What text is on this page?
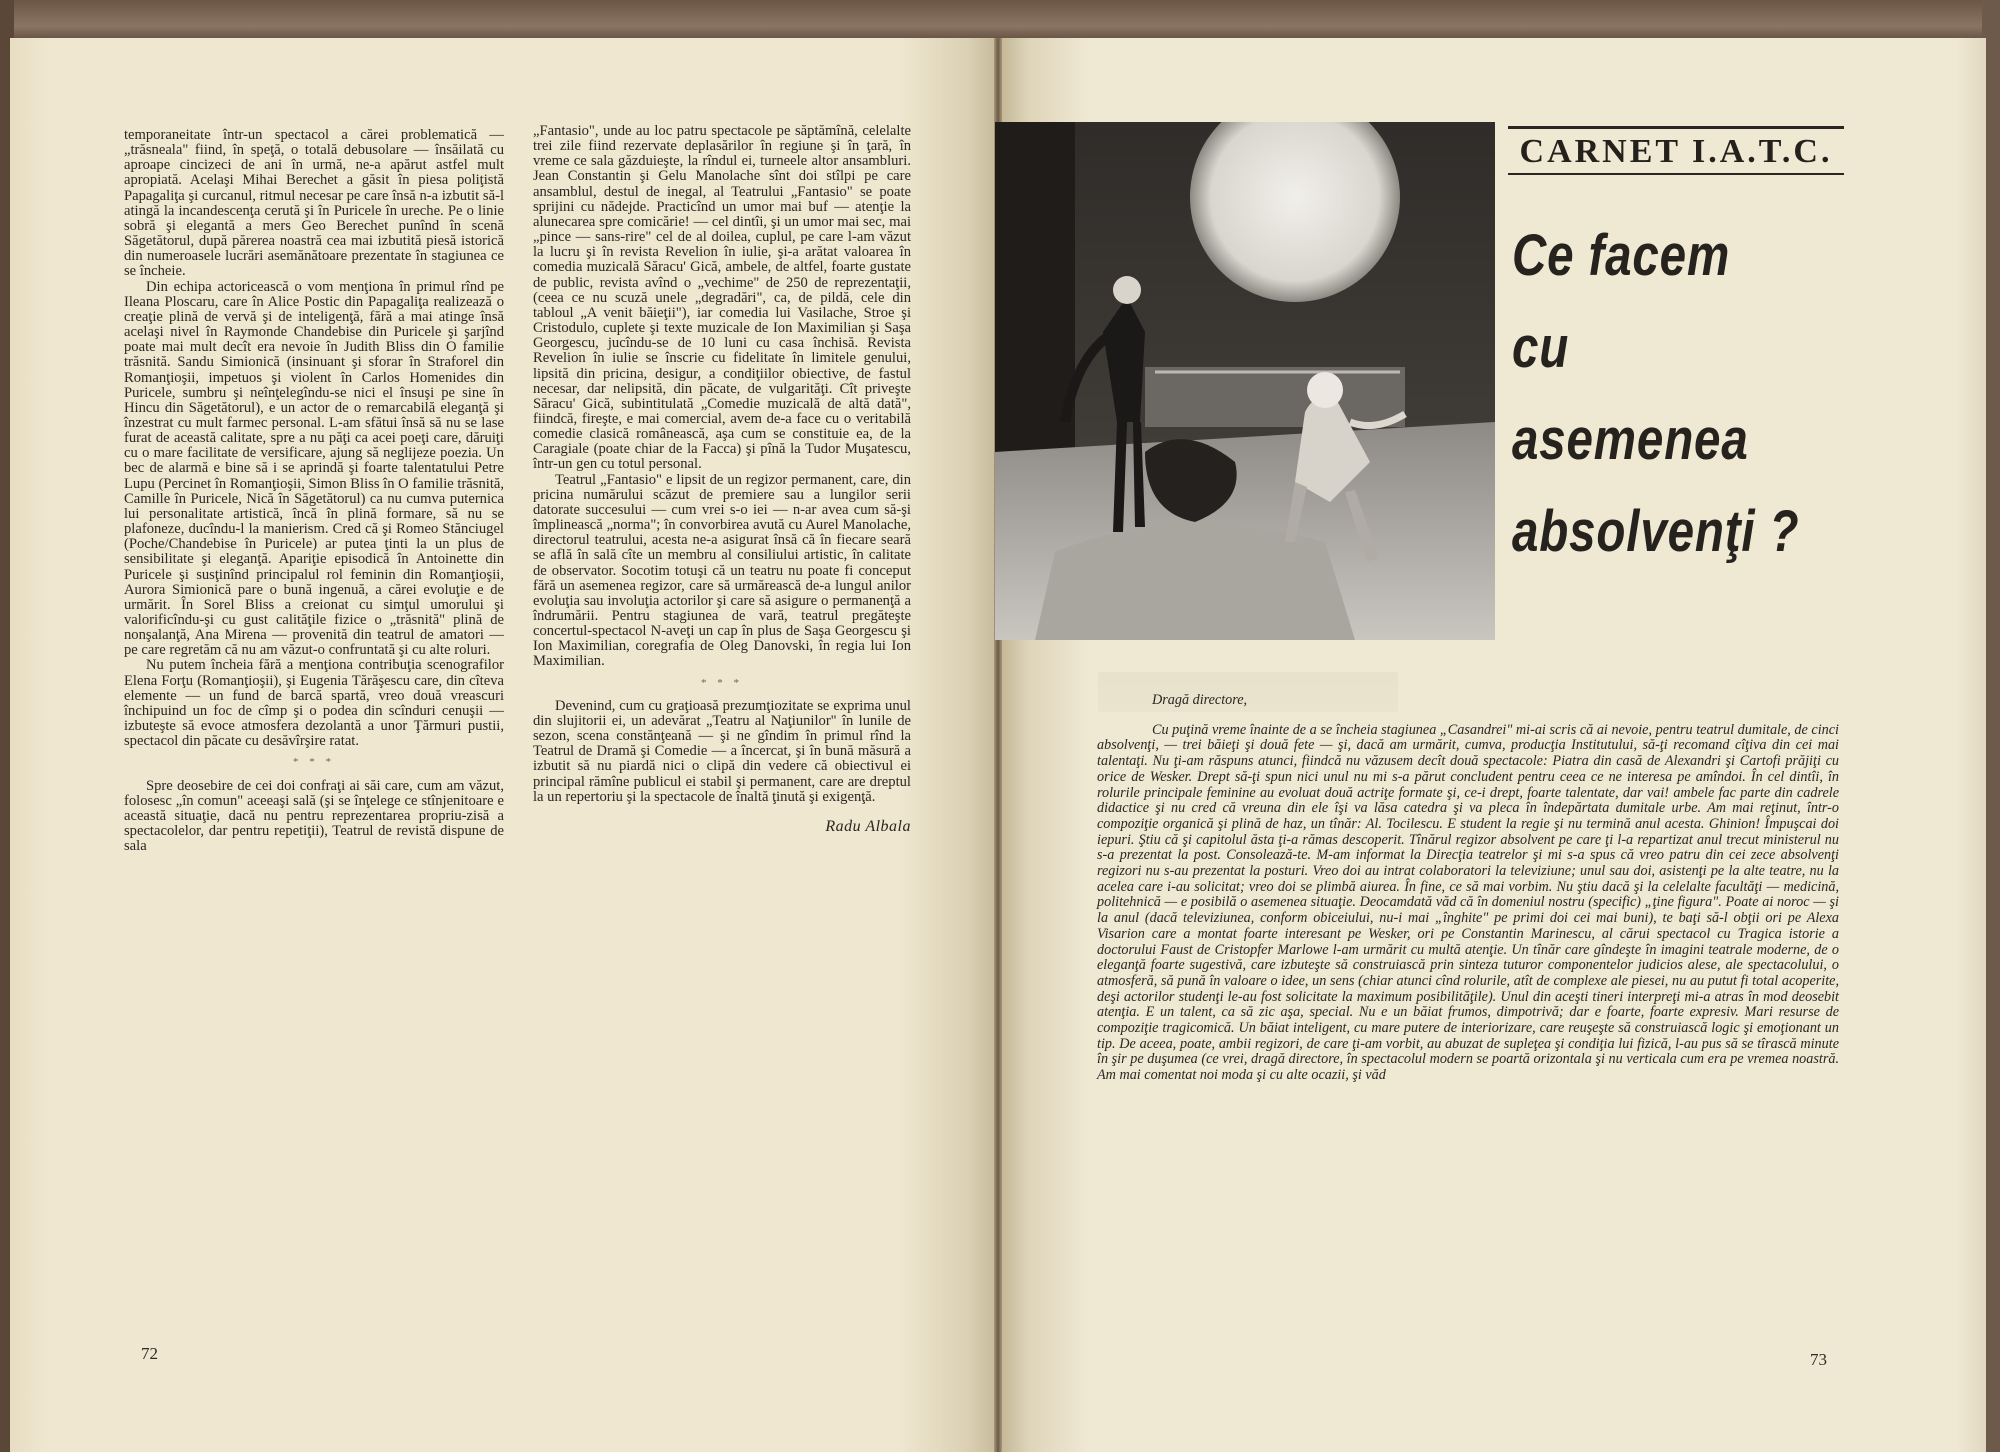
temporaneitate într-un spectacol a cărei problematică — „trăsneala" fiind, în speţă, o totală debusolare — însăilată cu aproape cincizeci de ani în urmă, ne-a apărut astfel mult apropiată. Acelaşi Mihai Berechet a găsit în piesa poliţistă Papagaliţa şi curcanul, ritmul necesar pe care însă n-a izbutit să-l atingă la incandescenţa cerută şi în Puricele în ureche. Pe o linie sobră şi elegantă a mers Geo Berechet punînd în scenă Săgetătorul, după părerea noastră cea mai izbutită piesă istorică din numeroasele lucrări asemănătoare prezentate în stagiunea ce se încheie.

Din echipa actoricească o vom menţiona în primul rînd pe Ileana Ploscaru, care în Alice Postic din Papagaliţa realizează o creaţie plină de vervă şi de inteligenţă, fără a mai atinge însă acelaşi nivel în Raymonde Chandebise din Puricele şi şarjînd poate mai mult decît era nevoie în Judith Bliss din O familie trăsnită. Sandu Simionică (insinuant şi sforar în Straforel din Romanţioşii, impetuos şi violent în Carlos Homenides din Puricele, sumbru şi neînţelegîndu-se nici el însuşi pe sine în Hincu din Săgetătorul), e un actor de o remarcabilă eleganţă şi înzestrat cu mult farmec personal. L-am sfătui însă să nu se lase furat de această calitate, spre a nu păţi ca acei poeţi care, dăruiţi cu o mare facilitate de versificare, ajung să neglijeze poezia. Un bec de alarmă e bine să i se aprindă şi foarte talentatului Petre Lupu (Percinet în Romanţioşii, Simon Bliss în O familie trăsnită, Camille în Puricele, Nică în Săgetătorul) ca nu cumva puternica lui personalitate artistică, încă în plină formare, să nu se plafoneze, ducîndu-l la manierism. Cred că şi Romeo Stănciugel (Poche/Chandebise în Puricele) ar putea ţinti la un plus de sensibilitate şi eleganţă. Apariţie episodică în Antoinette din Puricele şi susţinînd principalul rol feminin din Romanţioşii, Aurora Simionică pare o bună ingenuă, a cărei evoluţie e de urmărit. În Sorel Bliss a creionat cu simţul umorului şi valorificîndu-şi cu gust calităţile fizice o „trăsnită" plină de nonşalanţă, Ana Mirena — provenită din teatrul de amatori — pe care regretăm că nu am văzut-o confruntată şi cu alte roluri.

Nu putem încheia fără a menţiona contribuţia scenografilor Elena Forţu (Romanţioşii), şi Eugenia Tărăşescu care, din cîteva elemente — un fund de barcă spartă, vreo două vreascuri închipuind un foc de cîmp şi o podea din scînduri cenuşii — izbuteşte să evoce atmosfera dezolantă a unor Ţărmuri pustii, spectacol din păcate cu desăvîrşire ratat.

* * *

Spre deosebire de cei doi confraţi ai săi care, cum am văzut, folosesc „în comun" aceeaşi sală (şi se înţelege ce stînjenitoare e această situaţie, dacă nu pentru reprezentarea propriu-zisă a spectacolelor, dar pentru repetiţii), Teatrul de revistă dispune de sala

„Fantasio", unde au loc patru spectacole pe săptămînă, celelalte trei zile fiind rezervate deplasărilor în regiune şi în ţară, în vreme ce sala găzduieşte, la rîndul ei, turneele altor ansambluri. Jean Constantin şi Gelu Manolache sînt doi stîlpi pe care ansamblul, destul de inegal, al Teatrului „Fantasio" se poate sprijini cu nădejde. Practicînd un umor mai buf — atenţie la alunecarea spre comicărie! — cel dintîi, şi un umor mai sec, mai „pince — sans-rire" cel de al doilea, cuplul, pe care l-am văzut la lucru şi în revista Revelion în iulie, şi-a arătat valoarea în comedia muzicală Săracu' Gică, ambele, de altfel, foarte gustate de public, revista avînd o „vechime" de 250 de reprezentaţii, (ceea ce nu scuză unele „degradări", ca, de pildă, cele din tabloul „A venit băieţii"), iar comedia lui Vasilache, Stroe şi Cristodulo, cuplete şi texte muzicale de Ion Maximilian şi Saşa Georgescu, jucîndu-se de 10 luni cu casa închisă. Revista Revelion în iulie se înscrie cu fidelitate în limitele genului, lipsită din pricina, desigur, a condiţiilor obiective, de fastul necesar, dar nelipsită, din păcate, de vulgarităţi. Cît priveşte Săracu' Gică, subintitulată „Comedie muzicală de altă dată", fiindcă, fireşte, e mai comercial, avem de-a face cu o veritabilă comedie clasică românească, aşa cum se constituie ea, de la Caragiale (poate chiar de la Facca) şi pînă la Tudor Muşatescu, într-un gen cu totul personal.

Teatrul „Fantasio" e lipsit de un regizor permanent, care, din pricina numărului scăzut de premiere sau a lungilor serii datorate succesului — cum vrei s-o iei — n-ar avea cum să-şi împlinească „norma"; în convorbirea avută cu Aurel Manolache, directorul teatrului, acesta ne-a asigurat însă că în fiecare seară se află în sală cîte un membru al consiliului artistic, în calitate de observator. Socotim totuşi că un teatru nu poate fi conceput fără un asemenea regizor, care să urmărească de-a lungul anilor evoluţia sau involuţia actorilor şi care să asigure o permanenţă a îndrumării. Pentru stagiunea de vară, teatrul pregăteşte concertul-spectacol N-aveţi un cap în plus de Saşa Georgescu şi Ion Maximilian, coregrafia de Oleg Danovski, în regia lui Ion Maximilian.

* * *

Devenind, cum cu graţioasă prezumţiozitate se exprima unul din slujitorii ei, un adevărat „Teatru al Naţiunilor" în lunile de sezon, scena constănţeană — şi ne gîndim în primul rînd la Teatrul de Dramă şi Comedie — a încercat, şi în bună măsură a izbutit să nu piardă nici o clipă din vedere că obiectivul ei principal rămîne publicul ei stabil şi permanent, care are dreptul la un repertoriu şi la spectacole de înaltă ţinută şi exigenţă.

Radu Albala
72
CARNET I.A.T.C.
Ce facem
cu
asemenea
absolvenţi ?

Dragă directore,

Cu puţină vreme înainte de a se încheia stagiunea „Casandrei" mi-ai scris că ai nevoie, pentru teatrul dumitale, de cinci absolvenţi, — trei băieţi şi două fete — şi, dacă am urmărit, cumva, producţia Institutului, să-ţi recomand cîţiva din cei mai talentaţi. Nu ţi-am răspuns atunci, fiindcă nu văzusem decît două spectacole: Piatra din casă de Alexandri şi Cartofi prăjiţi cu orice de Wesker. Drept să-ţi spun nici unul nu mi s-a părut concludent pentru ceea ce ne interesa pe amîndoi. În cel dintîi, în rolurile principale feminine au evoluat două actriţe formate şi, ce-i drept, foarte talentate, dar vai! ambele fac parte din cadrele didactice şi nu cred că vreuna din ele îşi va lăsa catedra şi va pleca în îndepărtata dumitale urbe. Am mai reţinut, într-o compoziţie organică şi plină de haz, un tînăr: Al. Tocilescu. E student la regie şi nu termină anul acesta. Ghinion! Împuşcai doi iepuri. Ştiu că şi capitolul ăsta ţi-a rămas descoperit. Tînărul regizor absolvent pe care ţi l-a repartizat anul trecut ministerul nu s-a prezentat la post. Consolează-te. M-am informat la Direcţia teatrelor şi mi s-a spus că vreo patru din cei zece absolvenţi regizori nu s-au prezentat la posturi. Vreo doi au intrat colaboratori la televiziune; unul sau doi, asistenţi pe la alte teatre, nu la acelea care i-au solicitat; vreo doi se plimbă aiurea. În fine, ce să mai vorbim. Nu ştiu dacă şi la celelalte facultăţi — medicină, politehnică — e posibilă o asemenea situaţie. Deocamdată văd că în domeniul nostru (specific) „ţine figura". Poate ai noroc — şi la anul (dacă televiziunea, conform obiceiului, nu-i mai „înghite" pe primi doi cei mai buni), te baţi să-l obţii ori pe Alexa Visarion care a montat foarte interesant pe Wesker, ori pe Constantin Marinescu, al cărui spectacol cu Tragica istorie a doctorului Faust de Cristopfer Marlowe l-am urmărit cu multă atenţie. Un tînăr care gîndeşte în imagini teatrale moderne, de o eleganţă foarte sugestivă, care izbuteşte să construiască prin sinteza tuturor componentelor judicios alese, ale spectacolului, o atmosferă, să pună în valoare o idee, un sens (chiar atunci cînd rolurile, atît de complexe ale piesei, nu au putut fi total acoperite, deşi actorilor studenţi le-au fost solicitate la maximum posibilităţile). Unul din aceşti tineri interpreţi mi-a atras în mod deosebit atenţia. E un talent, ca să zic aşa, special. Nu e un băiat frumos, dimpotrivă; dar e foarte, foarte expresiv. Mari resurse de compoziţie tragicomică. Un băiat inteligent, cu mare putere de interiorizare, care reuşeşte să construiască logic şi emoţionant un tip. De aceea, poate, ambii regizori, de care ţi-am vorbit, au abuzat de supleţea şi condiţia lui fizică, l-au pus să se tîrască minute în şir pe duşumea (ce vrei, dragă directore, în spectacolul modern se poartă orizontala şi nu verticala cum era pe vremea noastră. Am mai comentat noi moda şi cu alte ocazii, şi văd

73
